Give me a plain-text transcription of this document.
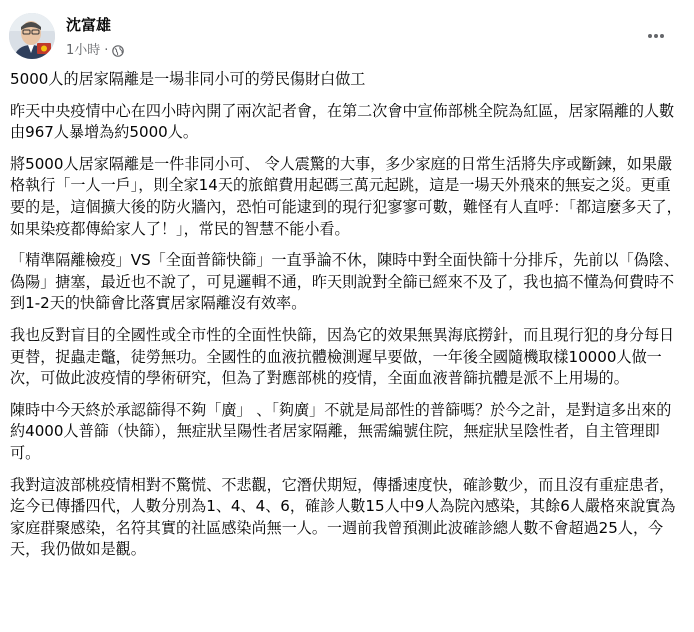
沈富雄
1小時 ·

5000人的居家隔離是一場非同小可的勞民傷財白做工

昨天中央疫情中心在四小時內開了兩次記者會，在第二次會中宣佈部桃全院為紅區，居家隔離的人數由967人暴增為約5000人。

將5000人居家隔離是一件非同小可、 令人震驚的大事，多少家庭的日常生活將失序或斷鍊，如果嚴格執行「一人一戶」，則全家14天的旅館費用起碼三萬元起跳，這是一場天外飛來的無妄之災。更重要的是，這個擴大後的防火牆內，恐怕可能逮到的現行犯寥寥可數，難怪有人直呼：「都這麼多天了，如果染疫都傳給家人了！」，常民的智慧不能小看。

「精準隔離檢疫」VS「全面普篩快篩」一直爭論不休，陳時中對全面快篩十分排斥，先前以「偽陰、偽陽」搪塞，最近也不說了，可見邏輯不通，昨天則說對全篩已經來不及了，我也搞不懂為何費時不到1-2天的快篩會比落實居家隔離沒有效率。

我也反對盲目的全國性或全市性的全面性快篩，因為它的效果無異海底撈針，而且現行犯的身分每日更替，捉蟲走鼈，徒勞無功。全國性的血液抗體檢測遲早要做，一年後全國隨機取樣10000人做一次，可做此波疫情的學術研究，但為了對應部桃的疫情，全面血液普篩抗體是派不上用場的。

陳時中今天終於承認篩得不夠「廣」 、「夠廣」不就是局部性的普篩嗎？於今之計，是對這多出來的約4000人普篩（快篩），無症狀呈陽性者居家隔離，無需編號住院，無症狀呈陰性者，自主管理即可。

我對這波部桃疫情相對不驚慌、不悲觀，它潛伏期短，傳播速度快，確診數少，而且沒有重症患者，迄今已傳播四代，人數分別為1、4、4、6，確診人數15人中9人為院內感染，其餘6人嚴格來說實為家庭群聚感染，名符其實的社區感染尚無一人。一週前我曾預測此波確診總人數不會超過25人，今天，我仍做如是觀。
